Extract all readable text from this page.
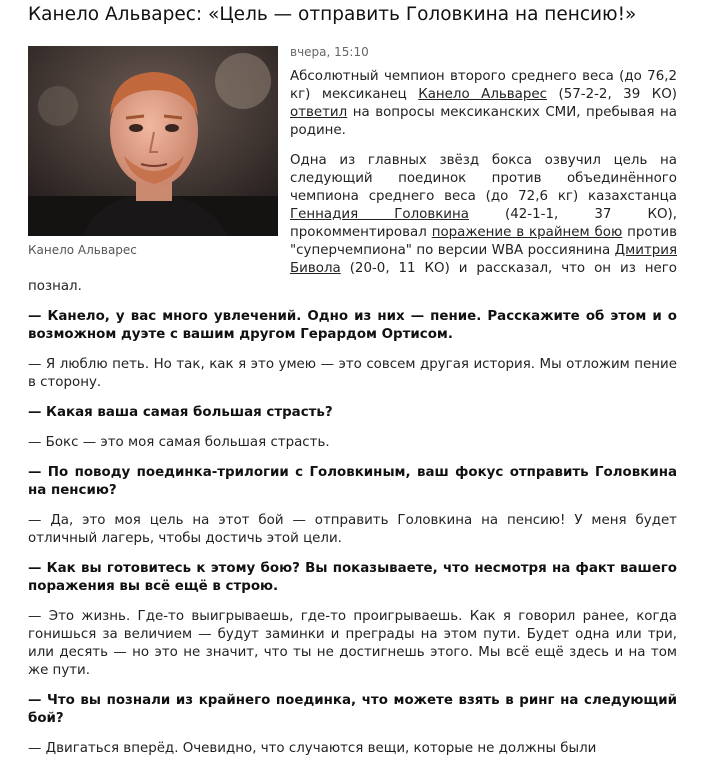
Канело Альварес: «Цель — отправить Головкина на пенсию!»
Канело Альварес
вчера, 15:10

Абсолютный чемпион второго среднего веса (до 76,2 кг) мексиканец Канело Альварес (57-2-2, 39 КО) ответил на вопросы мексиканских СМИ, пребывая на родине.

Одна из главных звёзд бокса озвучил цель на следующий поединок против объединённого чемпиона среднего веса (до 72,6 кг) казахстанца Геннадия Головкина (42-1-1, 37 КО), прокомментировал поражение в крайнем бою против "суперчемпиона" по версии WBA россиянина Дмитрия Бивола (20-0, 11 КО) и рассказал, что он из него познал.

— Канело, у вас много увлечений. Одно из них — пение. Расскажите об этом и о возможном дуэте с вашим другом Герардом Ортисом.

— Я люблю петь. Но так, как я это умею — это совсем другая история. Мы отложим пение в сторону.

— Какая ваша самая большая страсть?

— Бокс — это моя самая большая страсть.

— По поводу поединка-трилогии с Головкиным, ваш фокус отправить Головкина на пенсию?

— Да, это моя цель на этот бой — отправить Головкина на пенсию! У меня будет отличный лагерь, чтобы достичь этой цели.

— Как вы готовитесь к этому бою? Вы показываете, что несмотря на факт вашего поражения вы всё ещё в строю.

— Это жизнь. Где-то выигрываешь, где-то проигрываешь. Как я говорил ранее, когда гонишься за величием — будут заминки и преграды на этом пути. Будет одна или три, или десять — но это не значит, что ты не достигнешь этого. Мы всё ещё здесь и на том же пути.

— Что вы познали из крайнего поединка, что можете взять в ринг на следующий бой?

— Двигаться вперёд. Очевидно, что случаются вещи, которые не должны были
